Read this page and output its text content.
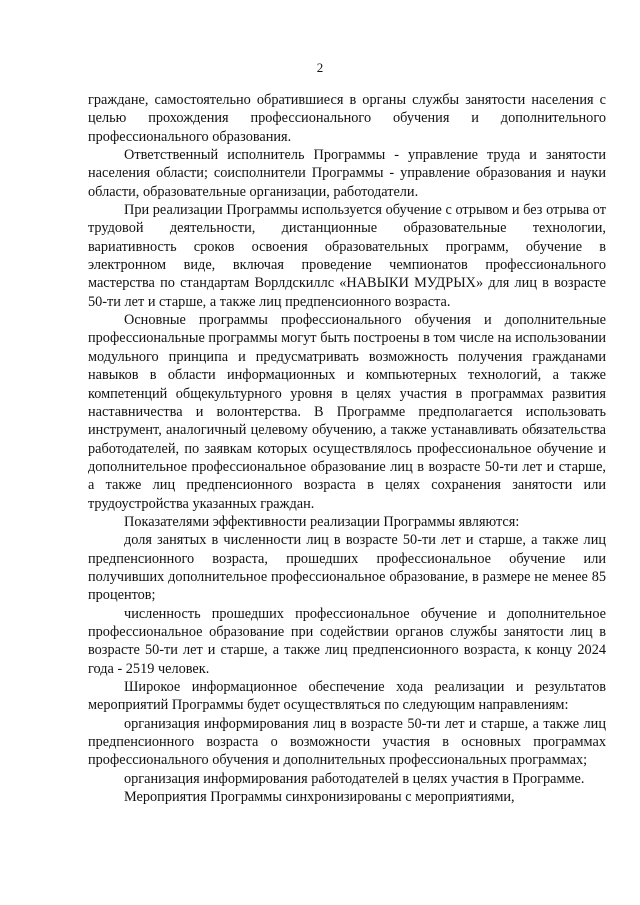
2

граждане, самостоятельно обратившиеся в органы службы занятости населения с целью прохождения профессионального обучения и дополнительного профессионального образования.

Ответственный исполнитель Программы - управление труда и занятости населения области; соисполнители Программы - управление образования и науки области, образовательные организации, работодатели.

При реализации Программы используется обучение с отрывом и без отрыва от трудовой деятельности, дистанционные образовательные технологии, вариативность сроков освоения образовательных программ, обучение в электронном виде, включая проведение чемпионатов профессионального мастерства по стандартам Ворлдскиллс «НАВЫКИ МУДРЫХ» для лиц в возрасте 50-ти лет и старше, а также лиц предпенсионного возраста.

Основные программы профессионального обучения и дополнительные профессиональные программы могут быть построены в том числе на использовании модульного принципа и предусматривать возможность получения гражданами навыков в области информационных и компьютерных технологий, а также компетенций общекультурного уровня в целях участия в программах развития наставничества и волонтерства. В Программе предполагается использовать инструмент, аналогичный целевому обучению, а также устанавливать обязательства работодателей, по заявкам которых осуществлялось профессиональное обучение и дополнительное профессиональное образование лиц в возрасте 50-ти лет и старше, а также лиц предпенсионного возраста в целях сохранения занятости или трудоустройства указанных граждан.

Показателями эффективности реализации Программы являются:

доля занятых в численности лиц в возрасте 50-ти лет и старше, а также лиц предпенсионного возраста, прошедших профессиональное обучение или получивших дополнительное профессиональное образование, в размере не менее 85 процентов;

численность прошедших профессиональное обучение и дополнительное профессиональное образование при содействии органов службы занятости лиц в возрасте 50-ти лет и старше, а также лиц предпенсионного возраста, к концу 2024 года - 2519 человек.

Широкое информационное обеспечение хода реализации и результатов мероприятий Программы будет осуществляться по следующим направлениям:

организация информирования лиц в возрасте 50-ти лет и старше, а также лиц предпенсионного возраста о возможности участия в основных программах профессионального обучения и дополнительных профессиональных программах;

организация информирования работодателей в целях участия в Программе.

Мероприятия Программы синхронизированы с мероприятиями,
